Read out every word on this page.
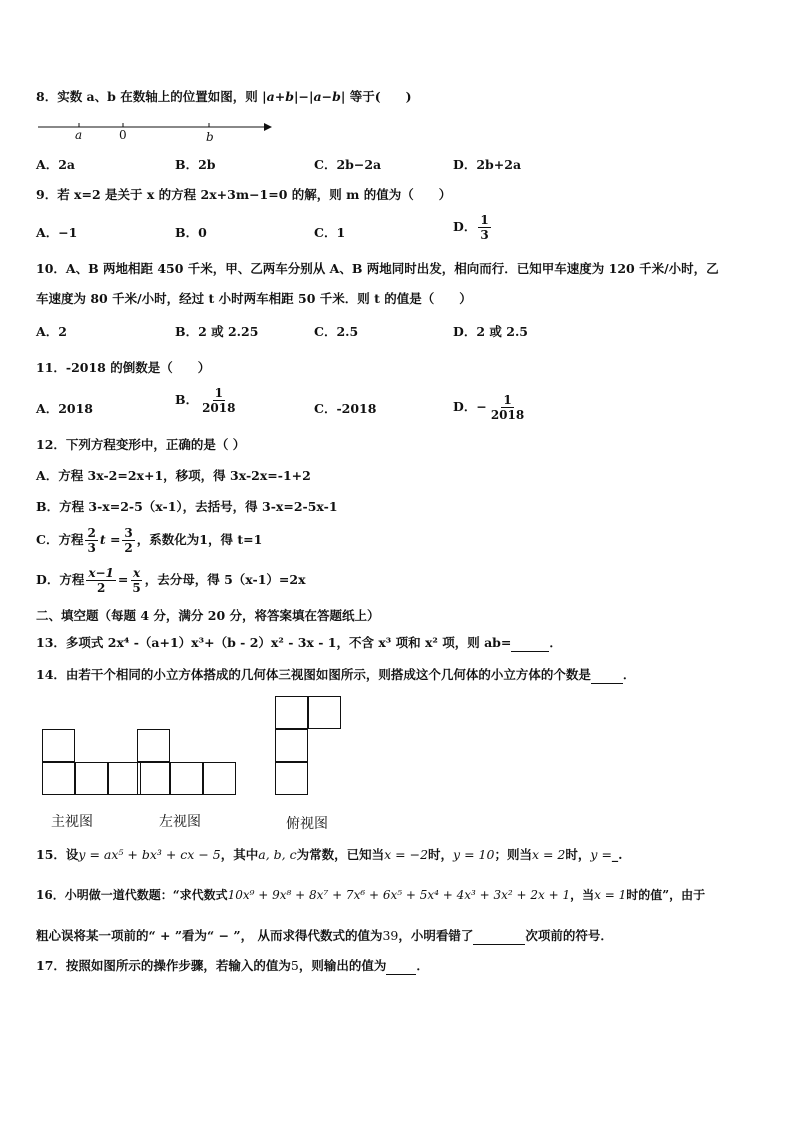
8．实数 a、b 在数轴上的位置如图，则 |a+b|−|a−b| 等于(　　)
a	0	b
A．2a	B．2b	C．2b−2a	D．2b+2a
9．若 x=2 是关于 x 的方程 2x+3m−1=0 的解，则 m 的值为（　　）
A．−1	B．0	C．1	D． $\frac{1}{3}$
10．A、B 两地相距 450 千米，甲、乙两车分别从 A、B 两地同时出发，相向而行．已知甲车速度为 120 千米/小时，乙
车速度为 80 千米/小时，经过 t 小时两车相距 50 千米．则 t 的值是（　　）
A．2	B．2 或 2.25	C．2.5	D．2 或 2.5
11．-2018 的倒数是（　　）
A．2018
B． $\frac{1}{2018}$	C．-2018	D．− $\frac{1}{2018}$
12．下列方程变形中，正确的是（ ）
A．方程 3x-2=2x+1，移项，得 3x-2x=-1+2
B．方程 3-x=2-5（x-1），去括号，得 3-x=2-5x-1
C．方程 $\frac{2}{3}$ $t = \frac{3}{2}$ ，系数化为1，得 t=1
D．方程 $\frac{x-1}{2} = \frac{x}{5}$ ，去分母，得 5（x-1）=2x
二、填空题（每题 4 分，满分 20 分，将答案填在答题纸上）
13．多项式 2x⁴ -（a+1）x³+（b - 2）x² - 3x - 1，不含 x³ 项和 x² 项，则 ab=	．
14．由若干个相同的小立方体搭成的几何体三视图如图所示，则搭成这个几何体的小立方体的个数是	．
主视图	左视图	俯视图
15．设y = ax⁵ + bx³ + cx − 5，其中a, b, c为常数，已知当x = −2时，y = 10；则当x = 2时，y =_.
16．小明做一道代数题：“求代数式10x⁹ + 9x⁸ + 8x⁷ + 7x⁶ + 6x⁵ + 5x⁴ + 4x³ + 3x² + 2x + 1，当x = 1时的值”，由于
粗心误将某一项前的“ + ”看为“ − ”， 从而求得代数式的值为39，小明看错了	次项前的符号．
17．按照如图所示的操作步骤，若输入的值为5，则输出的值为 ．
